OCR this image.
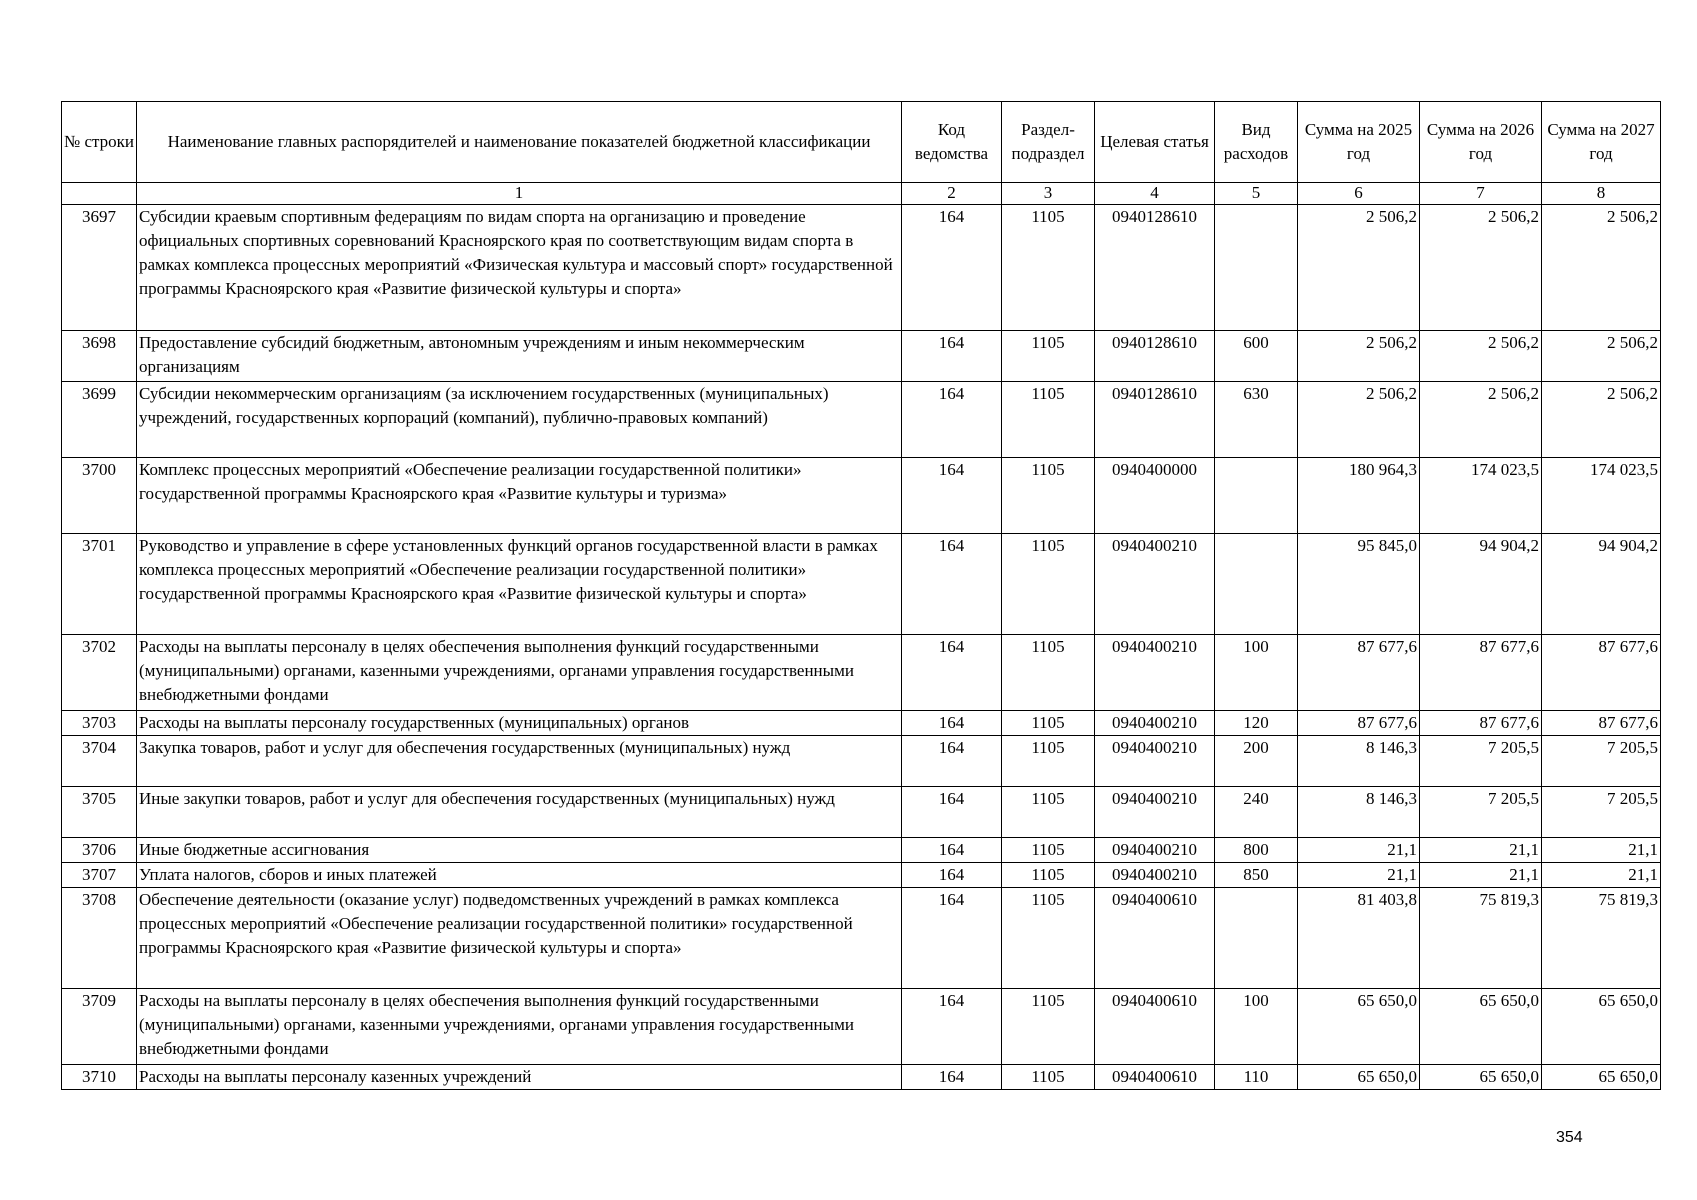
№ строки	Наименование главных распорядителей и наименование показателей бюджетной классификации	Код ведомства	Раздел-подраздел	Целевая статья	Вид расходов	Сумма на 2025 год	Сумма на 2026 год	Сумма на 2027 год
	1	2	3	4	5	6	7	8
3697	Субсидии краевым спортивным федерациям по видам спорта на организацию и проведение официальных спортивных соревнований Красноярского края по соответствующим видам спорта в рамках комплекса процессных мероприятий «Физическая культура и массовый спорт» государственной программы Красноярского края «Развитие физической культуры и спорта»	164	1105	0940128610		2 506,2	2 506,2	2 506,2
3698	Предоставление субсидий бюджетным, автономным учреждениям и иным некоммерческим организациям	164	1105	0940128610	600	2 506,2	2 506,2	2 506,2
3699	Субсидии некоммерческим организациям (за исключением государственных (муниципальных) учреждений, государственных корпораций (компаний), публично-правовых компаний)	164	1105	0940128610	630	2 506,2	2 506,2	2 506,2
3700	Комплекс процессных мероприятий «Обеспечение реализации государственной политики» государственной программы Красноярского края «Развитие культуры и туризма»	164	1105	0940400000		180 964,3	174 023,5	174 023,5
3701	Руководство и управление в сфере установленных функций органов государственной власти в рамках комплекса процессных мероприятий «Обеспечение реализации государственной политики» государственной программы Красноярского края «Развитие физической культуры и спорта»	164	1105	0940400210		95 845,0	94 904,2	94 904,2
3702	Расходы на выплаты персоналу в целях обеспечения выполнения функций государственными (муниципальными) органами, казенными учреждениями, органами управления государственными внебюджетными фондами	164	1105	0940400210	100	87 677,6	87 677,6	87 677,6
3703	Расходы на выплаты персоналу государственных (муниципальных) органов	164	1105	0940400210	120	87 677,6	87 677,6	87 677,6
3704	Закупка товаров, работ и услуг для обеспечения государственных (муниципальных) нужд	164	1105	0940400210	200	8 146,3	7 205,5	7 205,5
3705	Иные закупки товаров, работ и услуг для обеспечения государственных (муниципальных) нужд	164	1105	0940400210	240	8 146,3	7 205,5	7 205,5
3706	Иные бюджетные ассигнования	164	1105	0940400210	800	21,1	21,1	21,1
3707	Уплата налогов, сборов и иных платежей	164	1105	0940400210	850	21,1	21,1	21,1
3708	Обеспечение деятельности (оказание услуг) подведомственных учреждений в рамках комплекса процессных мероприятий «Обеспечение реализации государственной политики» государственной программы Красноярского края «Развитие физической культуры и спорта»	164	1105	0940400610		81 403,8	75 819,3	75 819,3
3709	Расходы на выплаты персоналу в целях обеспечения выполнения функций государственными (муниципальными) органами, казенными учреждениями, органами управления государственными внебюджетными фондами	164	1105	0940400610	100	65 650,0	65 650,0	65 650,0
3710	Расходы на выплаты персоналу казенных учреждений	164	1105	0940400610	110	65 650,0	65 650,0	65 650,0
354
